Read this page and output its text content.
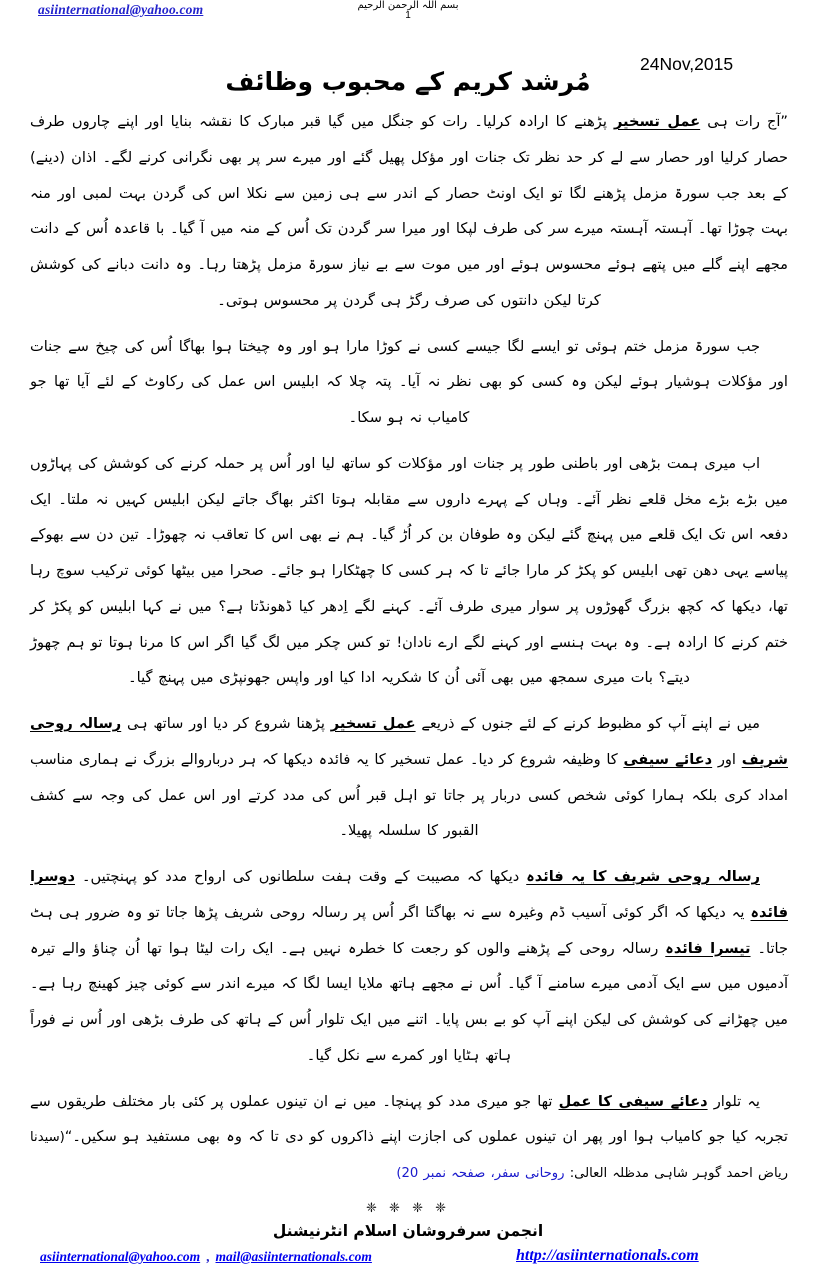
asiinternational@yahoo.com	بسم اللہ الرحمن الرحیم
1
مُرشد کریم کے محبوب وظائف
24Nov,2015

”آج رات ہی عمل تسخیر پڑھنے کا ارادہ کرلیا۔ رات کو جنگل میں گیا قبر مبارک کا نقشہ بنایا اور اپنے چاروں طرف حصار کرلیا اور حصار سے لے کر حد نظر تک جنات اور مؤکل پھیل گئے اور میرے سر پر بھی نگرانی کرنے لگے۔ اذان (دینے) کے بعد جب سورۃ مزمل پڑھنے لگا تو ایک اونٹ حصار کے اندر سے ہی زمین سے نکلا اس کی گردن بہت لمبی اور منہ بہت چوڑا تھا۔ آہستہ آہستہ میرے سر کی طرف لپکا اور میرا سر گردن تک اُس کے منہ میں آ گیا۔ با قاعدہ اُس کے دانت مجھے اپنے گلے میں پتھے ہوئے محسوس ہوئے اور میں موت سے بے نیاز سورۃ مزمل پڑھتا رہا۔ وہ دانت دبانے کی کوشش کرتا لیکن دانتوں کی صرف رگڑ ہی گردن پر محسوس ہوتی۔

جب سورۃ مزمل ختم ہوئی تو ایسے لگا جیسے کسی نے کوڑا مارا ہو اور وہ چیختا ہوا بھاگا اُس کی چیخ سے جنات اور مؤکلات ہوشیار ہوئے لیکن وہ کسی کو بھی نظر نہ آیا۔ پتہ چلا کہ ابلیس اس عمل کی رکاوٹ کے لئے آیا تھا جو کامیاب نہ ہو سکا۔

اب میری ہمت بڑھی اور باطنی طور پر جنات اور مؤکلات کو ساتھ لیا اور اُس پر حملہ کرنے کی کوشش کی پہاڑوں میں بڑے بڑے مخل قلعے نظر آئے۔ وہاں کے پہرے داروں سے مقابلہ ہوتا اکثر بھاگ جاتے لیکن ابلیس کہیں نہ ملتا۔ ایک دفعہ اس تک ایک قلعے میں پہنچ گئے لیکن وہ طوفان بن کر اُڑ گیا۔ ہم نے بھی اس کا تعاقب نہ چھوڑا۔ تین دن سے بھوکے پیاسے یہی دھن تھی ابلیس کو پکڑ کر مارا جائے تا کہ ہر کسی کا چھٹکارا ہو جائے۔ صحرا میں بیٹھا کوئی ترکیب سوچ رہا تھا، دیکھا کہ کچھ بزرگ گھوڑوں پر سوار میری طرف آئے۔ کہنے لگے اِدھر کیا ڈھونڈتا ہے؟ میں نے کہا ابلیس کو پکڑ کر ختم کرنے کا ارادہ ہے۔ وہ بہت ہنسے اور کہنے لگے ارے نادان! تو کس چکر میں لگ گیا اگر اس کا مرنا ہوتا تو ہم چھوڑ دیتے؟ بات میری سمجھ میں بھی آئی اُن کا شکریہ ادا کیا اور واپس جھونپڑی میں پہنچ گیا۔

میں نے اپنے آپ کو مظبوط کرنے کے لئے جنوں کے ذریعے عمل تسخیر پڑھنا شروع کر دیا اور ساتھ ہی رسالہ روحی شریف اور دعائے سیفی کا وظیفہ شروع کر دیا۔ عمل تسخیر کا یہ فائدہ دیکھا کہ ہر درباروالے بزرگ نے ہماری مناسب امداد کری بلکہ ہمارا کوئی شخص کسی دربار پر جاتا تو اہل قبر اُس کی مدد کرتے اور اس عمل کی وجہ سے کشف القبور کا سلسلہ پھیلا۔

رسالہ روحی شریف کا یہ فائدہ دیکھا کہ مصیبت کے وقت ہفت سلطانوں کی ارواح مدد کو پہنچتیں۔ دوسرا فائدہ یہ دیکھا کہ اگر کوئی آسیب ڈم وغیرہ سے نہ بھاگتا اگر اُس پر رسالہ روحی شریف پڑھا جاتا تو وہ ضرور ہی ہٹ جاتا۔ تیسرا فائدہ رسالہ روحی کے پڑھنے والوں کو رجعت کا خطرہ نہیں ہے۔ ایک رات لیٹا ہوا تھا اُن چناؤ والے تیرہ آدمیوں میں سے ایک آدمی میرے سامنے آ گیا۔ اُس نے مجھے ہاتھ ملایا ایسا لگا کہ میرے اندر سے کوئی چیز کھینچ رہا ہے۔ میں چھڑانے کی کوشش کی لیکن اپنے آپ کو بے بس پایا۔ اتنے میں ایک تلوار اُس کے ہاتھ کی طرف بڑھی اور اُس نے فوراً ہاتھ ہٹایا اور کمرے سے نکل گیا۔

یہ تلوار دعائے سیفی کا عمل تھا جو میری مدد کو پہنچا۔ میں نے ان تینوں عملوں پر کئی بار مختلف طریقوں سے تجربہ کیا جو کامیاب ہوا اور پھر ان تینوں عملوں کی اجازت اپنے ذاکروں کو دی تا کہ وہ بھی مستفید ہو سکیں۔“(سیدنا ریاض احمد گوہر شاہی مدظلہ العالی: روحانی سفر، صفحہ نمبر 20)

❈ ❈ ❈ ❈
انجمن سرفروشان اسلام انٹرنیشنل
asiinternational@yahoo.com , mail@asiinternationals.com	http://asiinternationals.com
